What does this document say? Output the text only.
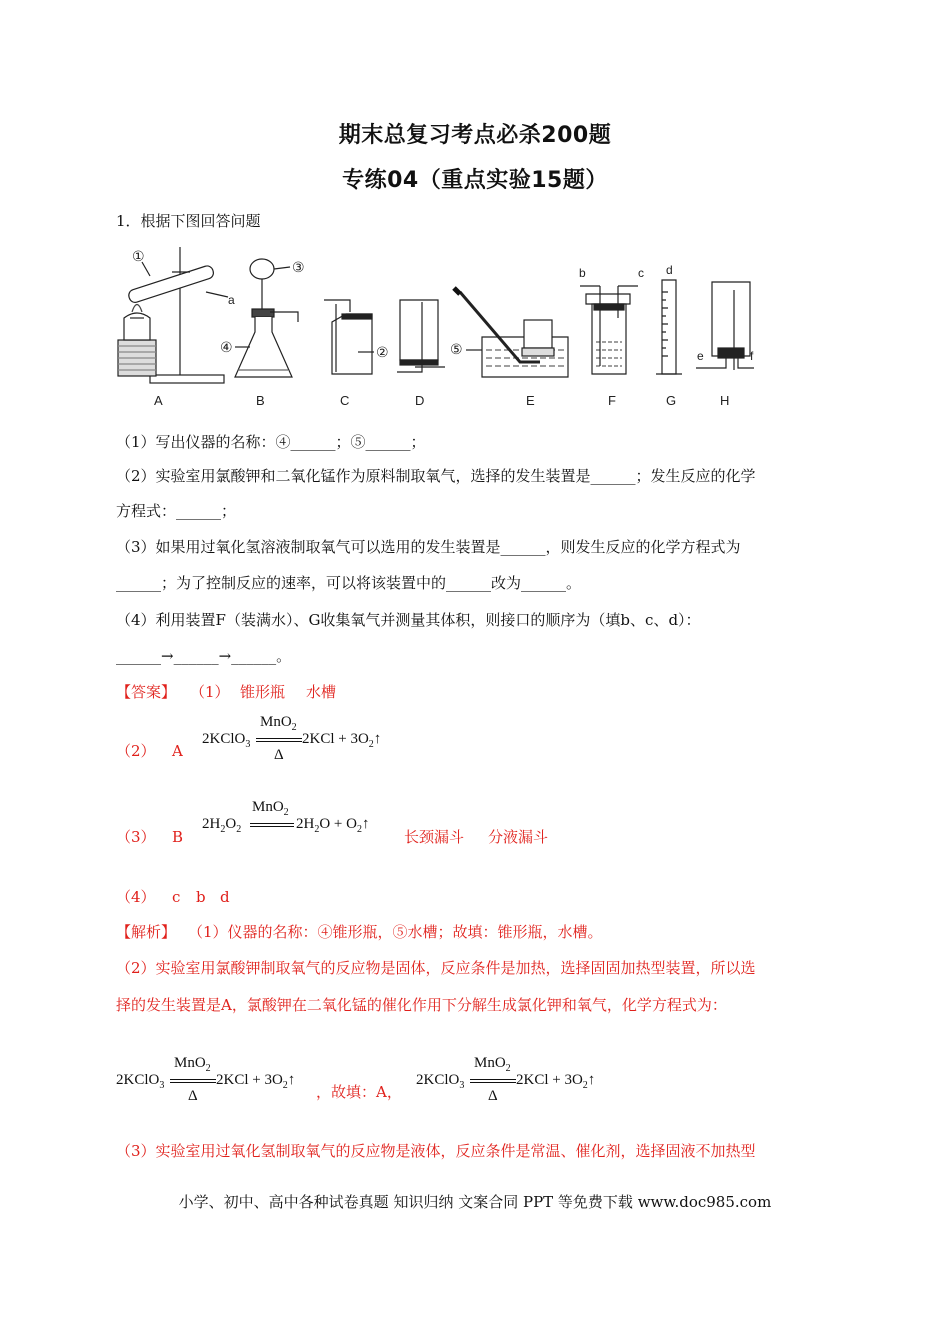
期末总复习考点必杀200题
专练04（重点实验15题）
1．根据下图回答问题
①
a
A
③
④
B
②
C	D
⑤
E
b	c
F
d
G
e	f
H
（1）写出仪器的名称：④______；⑤______；
（2）实验室用氯酸钾和二氧化锰作为原料制取氧气，选择的发生装置是______；发生反应的化学
方程式：______；
（3）如果用过氧化氢溶液制取氧气可以选用的发生装置是______，则发生反应的化学方程式为
______；为了控制反应的速率，可以将该装置中的______改为______。
（4）利用装置F（装满水）、G收集氧气并测量其体积，则接口的顺序为（填b、c、d）：
______→______→______。
【答案】 （1） 锥形瓶 水槽
（2） A
MnO$_2$
2KClO$_3$	$2KCl + 3O_2↑$
Δ
（3） B
MnO$_2$
$2H_2O_2$	$2H_2O$ + $O_2↑$
长颈漏斗 分液漏斗
（4） c b d
【解析】 （1）仪器的名称：④锥形瓶，⑤水槽；故填：锥形瓶，水槽。
（2）实验室用氯酸钾制取氧气的反应物是固体，反应条件是加热，选择固固加热型装置，所以选
择的发生装置是A，氯酸钾在二氧化锰的催化作用下分解生成氯化钾和氧气，化学方程式为：
MnO$_2$
2KClO$_3$	$2KCl + 3O_2↑$
Δ	，故填：A，
MnO$_2$
2KClO$_3$	$2KCl + 3O_2↑$
Δ
（3）实验室用过氧化氢制取氧气的反应物是液体，反应条件是常温、催化剂，选择固液不加热型
小学、初中、高中各种试卷真题 知识归纳 文案合同 PPT 等免费下载 www.doc985.com
